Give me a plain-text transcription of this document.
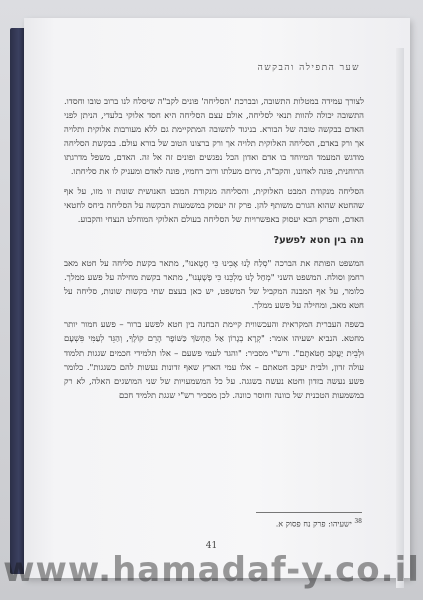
שער התפילה והבקשה

לצורך עמידה במטלות התשובה, ובברכת 'הסליחה' פונים לקב"ה שיסלח לנו ברוב טובו וחסדו. התשובה יכולה להוות תנאי לסליחה, אולם עצם הסליחה היא חסד אלוקי בלעדי, הניתן לפני האדם בבקשה טובה של הבורא. בניגוד לתשובה המתקיימת גם ללא מעורבות אלוקית ותלויה אך ורק באדם, הסליחה האלוקית תלויה אך ורק ברצונו הטוב של בורא עולם. בבקשת הסליחה מודגש המעמד המיוחד בו אדם ואדון הכל נפגשים ופונים זה אל זה. האדם, משפל מדרגתו הרוחנית, פונה לאדונו, והקב"ה, מרום מעלתו ורוב רחמיו, פונה לאדם ומעניק לו את סליחתו.

הסליחה מנקודת המבט האלוקית, והסליחה מנקודת המבט האנושית שונות זו מזו, על אף שהחטא שהוא הגורם משותף להן. פרק זה יעסוק במשמעות הבקשה על הסליחה ביחס לחטאי האדם, והפרק הבא יעסוק באפשרויות של הסליחה בעולם האלוקי המוחלט הנצחי והקבוע.

מה בין חטא לפשע?

המשפט הפותח את הברכה "סְלַח לָנוּ אָבִינוּ כִּי חָטָאנוּ", מתאר בקשת סליחה על חטא מאב רחמן וסולח. המשפט השני "מְחַל לָנוּ מַלְכֵּנוּ כִּי פָשָׁעְנוּ", מתאר בקשת מחילה על פשע ממלך. כלומר, על אף המבנה המקביל של המשפט, יש כאן בעצם שתי בקשות שונות, סליחה על חטא מאב, ומחילה על פשע ממלך.

בשפה העברית המקראית והעכשווית קיימת הבחנה בין חטא לפשע ברור – פשע חמור יותר מחטא. הנביא ישעיהו אומר: "קְרָא בְגָרוֹן אַל תַּחְשֹׂךְ כַּשּׁוֹפָר הָרֵם קוֹלֶךָ, וְהַגֵּד לְעַמִּי פִּשְׁעָם וּלְבֵית יַעֲקֹב חַטֹּאתָם". ורש"י מסביר: "והגד לעמי פשעם – אלו תלמידי חכמים שגגות תלמוד עולה זדון, ולבית יעקב חטאתם – אלו עמי הארץ שאף זדונות נעשות להם כשגגות". כלומר פשע נעשה בזדון וחטא נעשה בשגגה. על כל המשמעויות של שני המושגים האלה, לא רק במשמעות הטכנית של כוונה וחוסר כוונה. לכן מסביר רש"י שגגת תלמיד חכם

$^{38}$ ישעיהו: פרק נח פסוק א.
41
www.hamadaf-y.co.il
